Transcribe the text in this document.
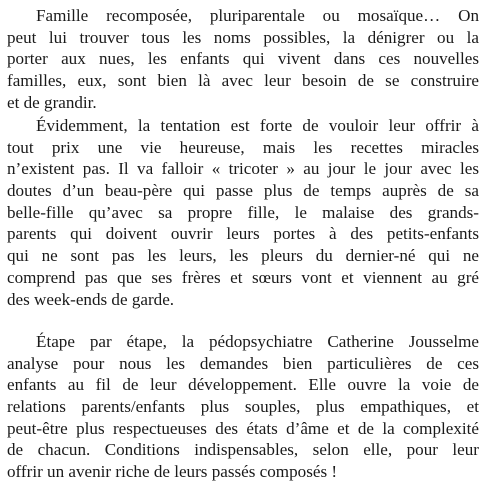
Famille recomposée, pluriparentale ou mosaïque… On
peut lui trouver tous les noms possibles, la dénigrer ou la
porter aux nues, les enfants qui vivent dans ces nouvelles
familles, eux, sont bien là avec leur besoin de se construire
et de grandir.

Évidemment, la tentation est forte de vouloir leur offrir à
tout prix une vie heureuse, mais les recettes miracles
n’existent pas. Il va falloir « tricoter » au jour le jour avec les
doutes d’un beau-père qui passe plus de temps auprès de sa
belle-fille qu’avec sa propre fille, le malaise des grands-
parents qui doivent ouvrir leurs portes à des petits-enfants
qui ne sont pas les leurs, les pleurs du dernier-né qui ne
comprend pas que ses frères et sœurs vont et viennent au gré
des week-ends de garde.

Étape par étape, la pédopsychiatre Catherine Jousselme
analyse pour nous les demandes bien particulières de ces
enfants au fil de leur développement. Elle ouvre la voie de
relations parents/enfants plus souples, plus empathiques, et
peut-être plus respectueuses des états d’âme et de la complexité
de chacun. Conditions indispensables, selon elle, pour leur
offrir un avenir riche de leurs passés composés !
